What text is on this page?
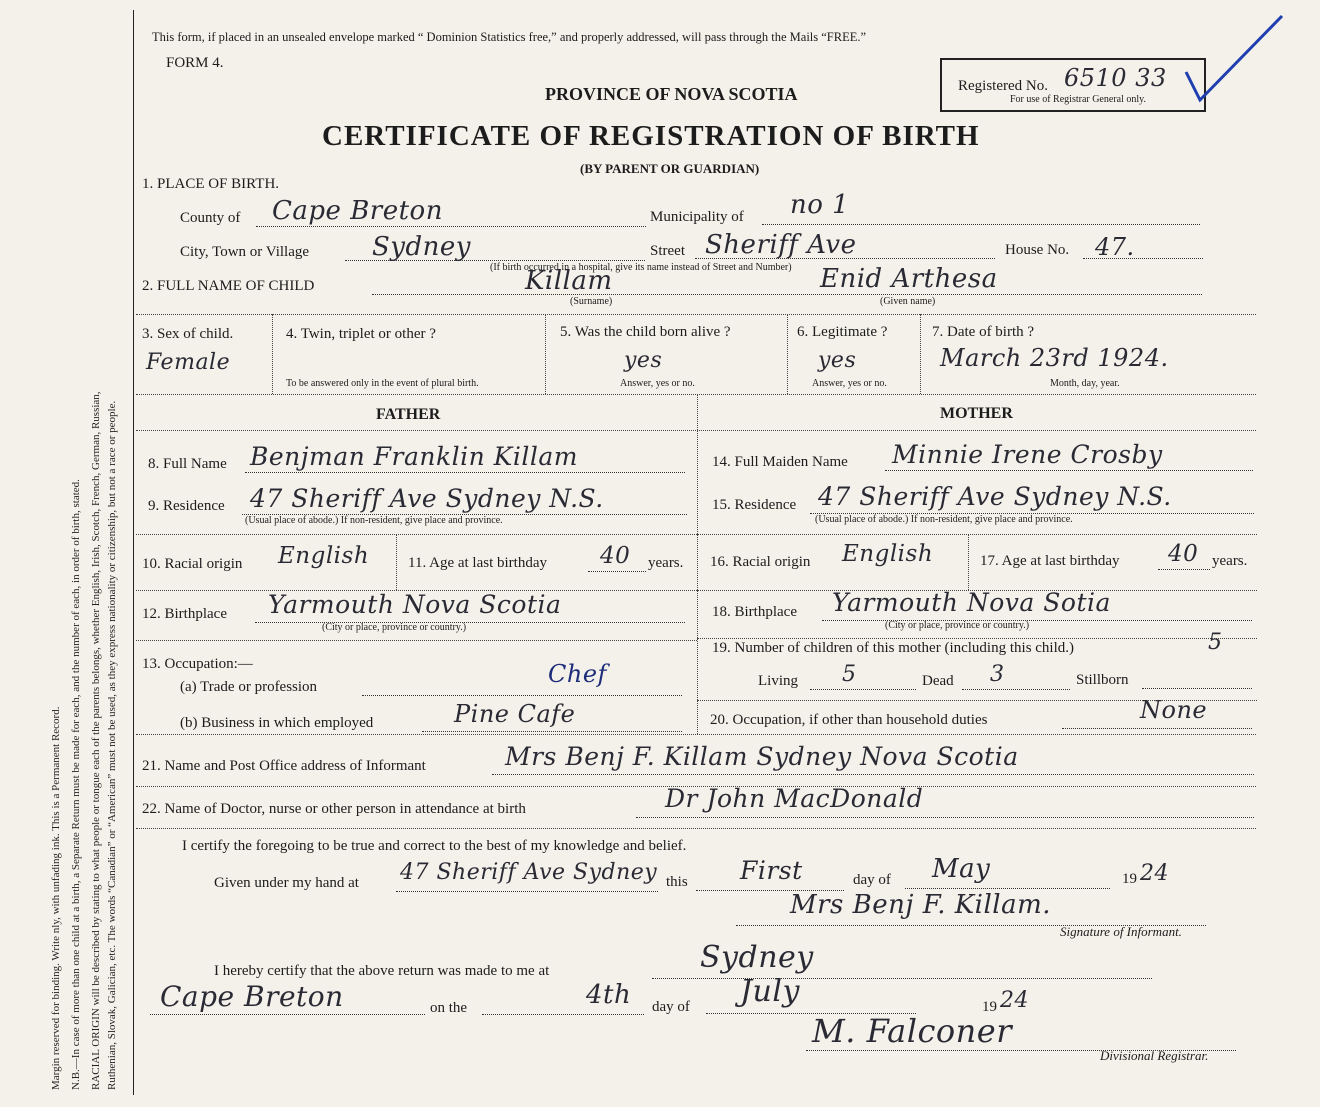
Margin reserved for binding. Write nly, with unfading ink. This is a Permanent Record. N.B.—In case of more than one child at a birth, a Separate Return must be made for each, and the number of each, in order of birth, stated. RACIAL ORIGIN will be described by stating to what people or tongue each of the parents belongs, whether English, Irish, Scotch, French, German, Russian, Ruthenian, Slovak, Galician, etc. The words “Canadian” or “American” must not be used, as they express nationality or citizenship, but not a race or people.
This form, if placed in an unsealed envelope marked “ Dominion Statistics free,” and properly addressed, will pass through the Mails “FREE.”
FORM 4.
PROVINCE OF NOVA SCOTIA
CERTIFICATE OF REGISTRATION OF BIRTH
(BY PARENT OR GUARDIAN)
Registered No. 6510 33
For use of Registrar General only.
1. PLACE OF BIRTH.
County of Cape Breton	Municipality of no 1
City, Town or Village Sydney	Street Sheriff Ave	House No. 47.
(If birth occurred in a hospital, give its name instead of Street and Number)
2. FULL NAME OF CHILD	Killam	Enid Arthesa
(Surname)	(Given name)
3. Sex of child.
Female
4. Twin, triplet or other ?
To be answered only in the event of plural birth.
5. Was the child born alive ?
yes
Answer, yes or no.
6. Legitimate ?
yes
Answer, yes or no.
7. Date of birth ?
March 23rd 1924.
Month, day, year.
FATHER	MOTHER
8. Full Name Benjman Franklin Killam
9. Residence 47 Sheriff Ave Sydney N.S.
(Usual place of abode.) If non-resident, give place and province.
10. Racial origin English	11. Age at last birthday 40 years.
12. Birthplace Yarmouth Nova Scotia
(City or place, province or country.)
13. Occupation:—
(a) Trade or profession	Chef
(b) Business in which employed	Pine Cafe
14. Full Maiden Name Minnie Irene Crosby
15. Residence 47 Sheriff Ave Sydney N.S.
(Usual place of abode.) If non-resident, give place and province.
16. Racial origin English	17. Age at last birthday 40 years.
18. Birthplace Yarmouth Nova Sotia
(City or place, province or country.)
19. Number of children of this mother (including this child.)	5
Living 5	Dead 3	Stillborn
20. Occupation, if other than household duties	None
21. Name and Post Office address of Informant	Mrs Benj F. Killam Sydney Nova Scotia
22. Name of Doctor, nurse or other person in attendance at birth	Dr John MacDonald
I certify the foregoing to be true and correct to the best of my knowledge and belief.
Given under my hand at 47 Sheriff Ave Sydney this First	day of May	19 24
Mrs Benj F. Killam.
Signature of Informant.
I hereby certify that the above return was made to me at	Sydney
Cape Breton	on the	4th day of July	19 24
M. Falconer
Divisional Registrar.
